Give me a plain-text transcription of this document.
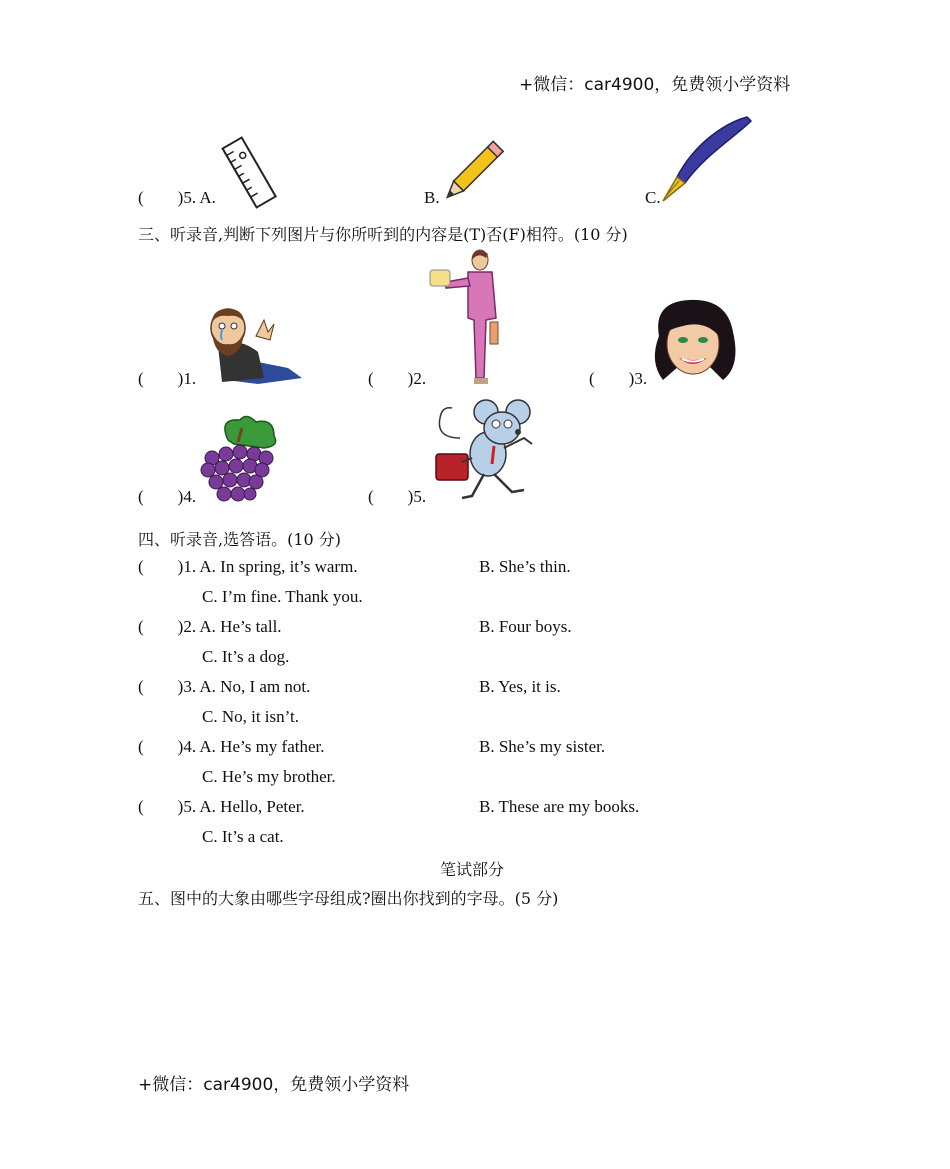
+微信：car4900，免费领小学资料
(        )5. A.	B.	C.
三、听录音,判断下列图片与你所听到的内容是(T)否(F)相符。(10 分)
(        )1.	(        )2.	(        )3.
(        )4.	(        )5.
四、听录音,选答语。(10 分)
(        )1. A. In spring, it’s warm.	B. She’s thin.
C. I’m fine. Thank you.
(        )2. A. He’s tall.	B. Four boys.
C. It’s a dog.
(        )3. A. No, I am not.	B. Yes, it is.
C. No, it isn’t.
(        )4. A. He’s my father.	B. She’s my sister.
C. He’s my brother.
(        )5. A. Hello, Peter.	B. These are my books.
C. It’s a cat.
笔试部分
五、图中的大象由哪些字母组成?圈出你找到的字母。(5 分)
+微信：car4900，免费领小学资料
